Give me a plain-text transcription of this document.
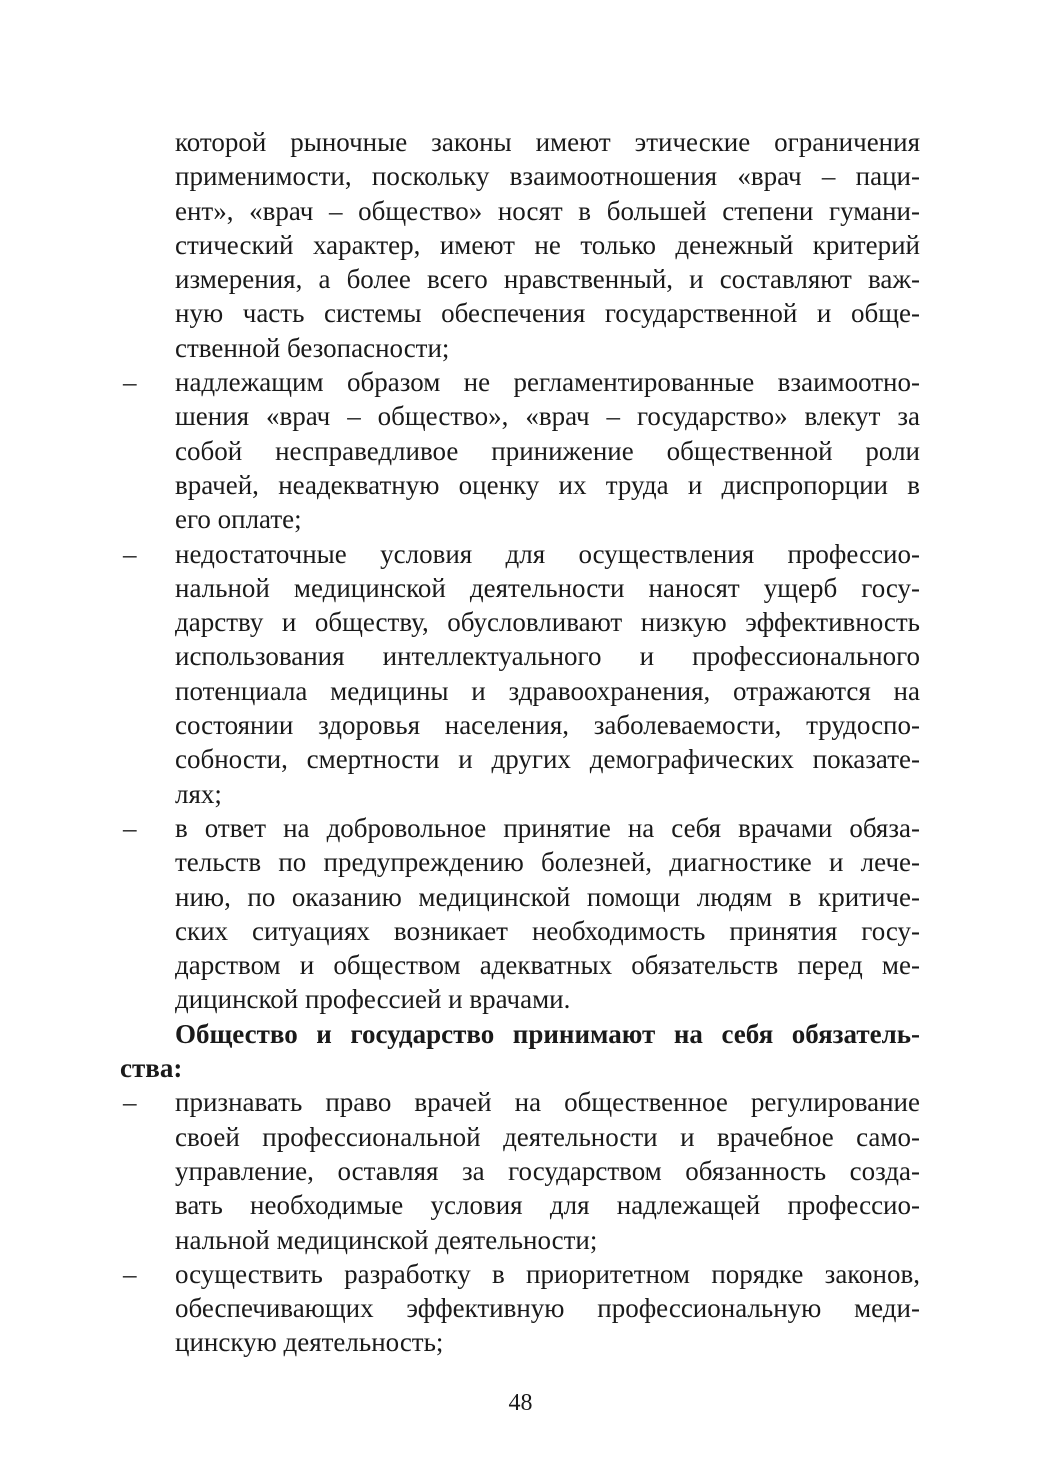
которой рыночные законы имеют этические ограничения
применимости, поскольку взаимоотношения «врач – паци-
ент», «врач – общество» носят в большей степени гумани-
стический характер, имеют не только денежный критерий
измерения, а более всего нравственный, и составляют важ-
ную часть системы обеспечения государственной и обще-
ственной безопасности;
– надлежащим образом не регламентированные взаимоотно-
шения «врач – общество», «врач – государство» влекут за
собой несправедливое принижение общественной роли
врачей, неадекватную оценку их труда и диспропорции в
его оплате;
– недостаточные условия для осуществления профессио-
нальной медицинской деятельности наносят ущерб госу-
дарству и обществу, обусловливают низкую эффективность
использования интеллектуального и профессионального
потенциала медицины и здравоохранения, отражаются на
состоянии здоровья населения, заболеваемости, трудоспо-
собности, смертности и других демографических показате-
лях;
– в ответ на добровольное принятие на себя врачами обяза-
тельств по предупреждению болезней, диагностике и лече-
нию, по оказанию медицинской помощи людям в критиче-
ских ситуациях возникает необходимость принятия госу-
дарством и обществом адекватных обязательств перед ме-
дицинской профессией и врачами.
Общество и государство принимают на себя обязатель-
ства:
– признавать право врачей на общественное регулирование
своей профессиональной деятельности и врачебное само-
управление, оставляя за государством обязанность созда-
вать необходимые условия для надлежащей профессио-
нальной медицинской деятельности;
– осуществить разработку в приоритетном порядке законов,
обеспечивающих эффективную профессиональную меди-
цинскую деятельность;
48
